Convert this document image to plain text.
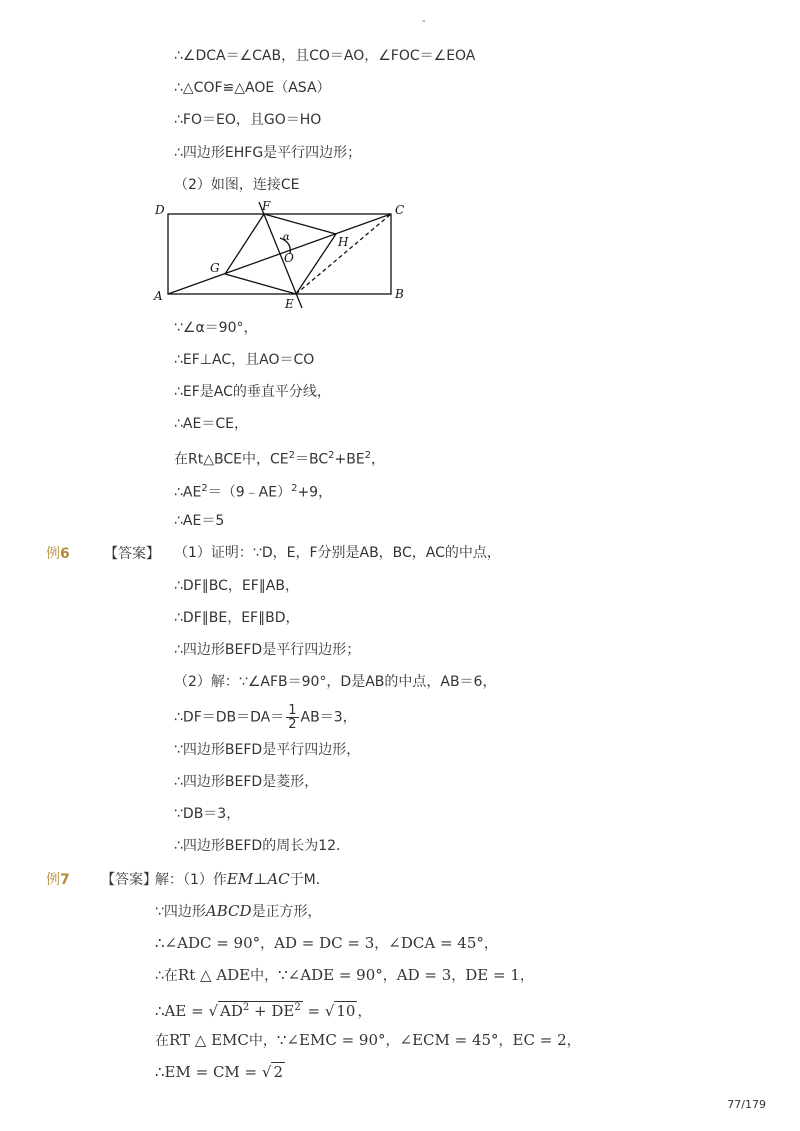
-
∴∠DCA＝∠CAB，且CO＝AO，∠FOC＝∠EOA
∴△COF≌△AOE（ASA）
∴FO＝EO，且GO＝HO
∴四边形EHFG是平行四边形；
（2）如图，连接CE
D	F	C
H
α
O
G
A
E
B
∵∠α＝90°，
∴EF⊥AC，且AO＝CO
∴EF是AC的垂直平分线，
∴AE＝CE，
在Rt△BCE中，$CE^2=BC^2+BE^2$，
$\therefore AE^2=(9﹣AE)^2+9$，
∴AE＝5
例6 【答案】 （1）证明：∵D，E，F分别是AB，BC，AC的中点，
∴DF∥BC，EF∥AB，
∴DF∥BE，EF∥BD，
∴四边形BEFD是平行四边形；
（2）解：∵∠AFB＝90°，D是AB的中点，AB＝6，
∴DF＝DB＝DA＝ $\frac{1}{2} AB=3$，
∵四边形BEFD是平行四边形，
∴四边形BEFD是菱形，
∵DB＝3，
∴四边形BEFD的周长为12．
例7 【答案】
解：（1）作EM⊥AC于M．
∵四边形ABCD是正方形，
∴∠ADC = 90°，AD = DC = 3，∠DCA = 45°，
∴在Rt △ ADE中，∵∠ADE = 90°，AD = 3，DE = 1，
∴AE = √ $AD^2 + DE^2$ = √ 10 ，
在RT △ EMC中，∵∠EMC = 90°，∠ECM = 45°，EC = 2，
∴EM = CM = √ 2
77/179
